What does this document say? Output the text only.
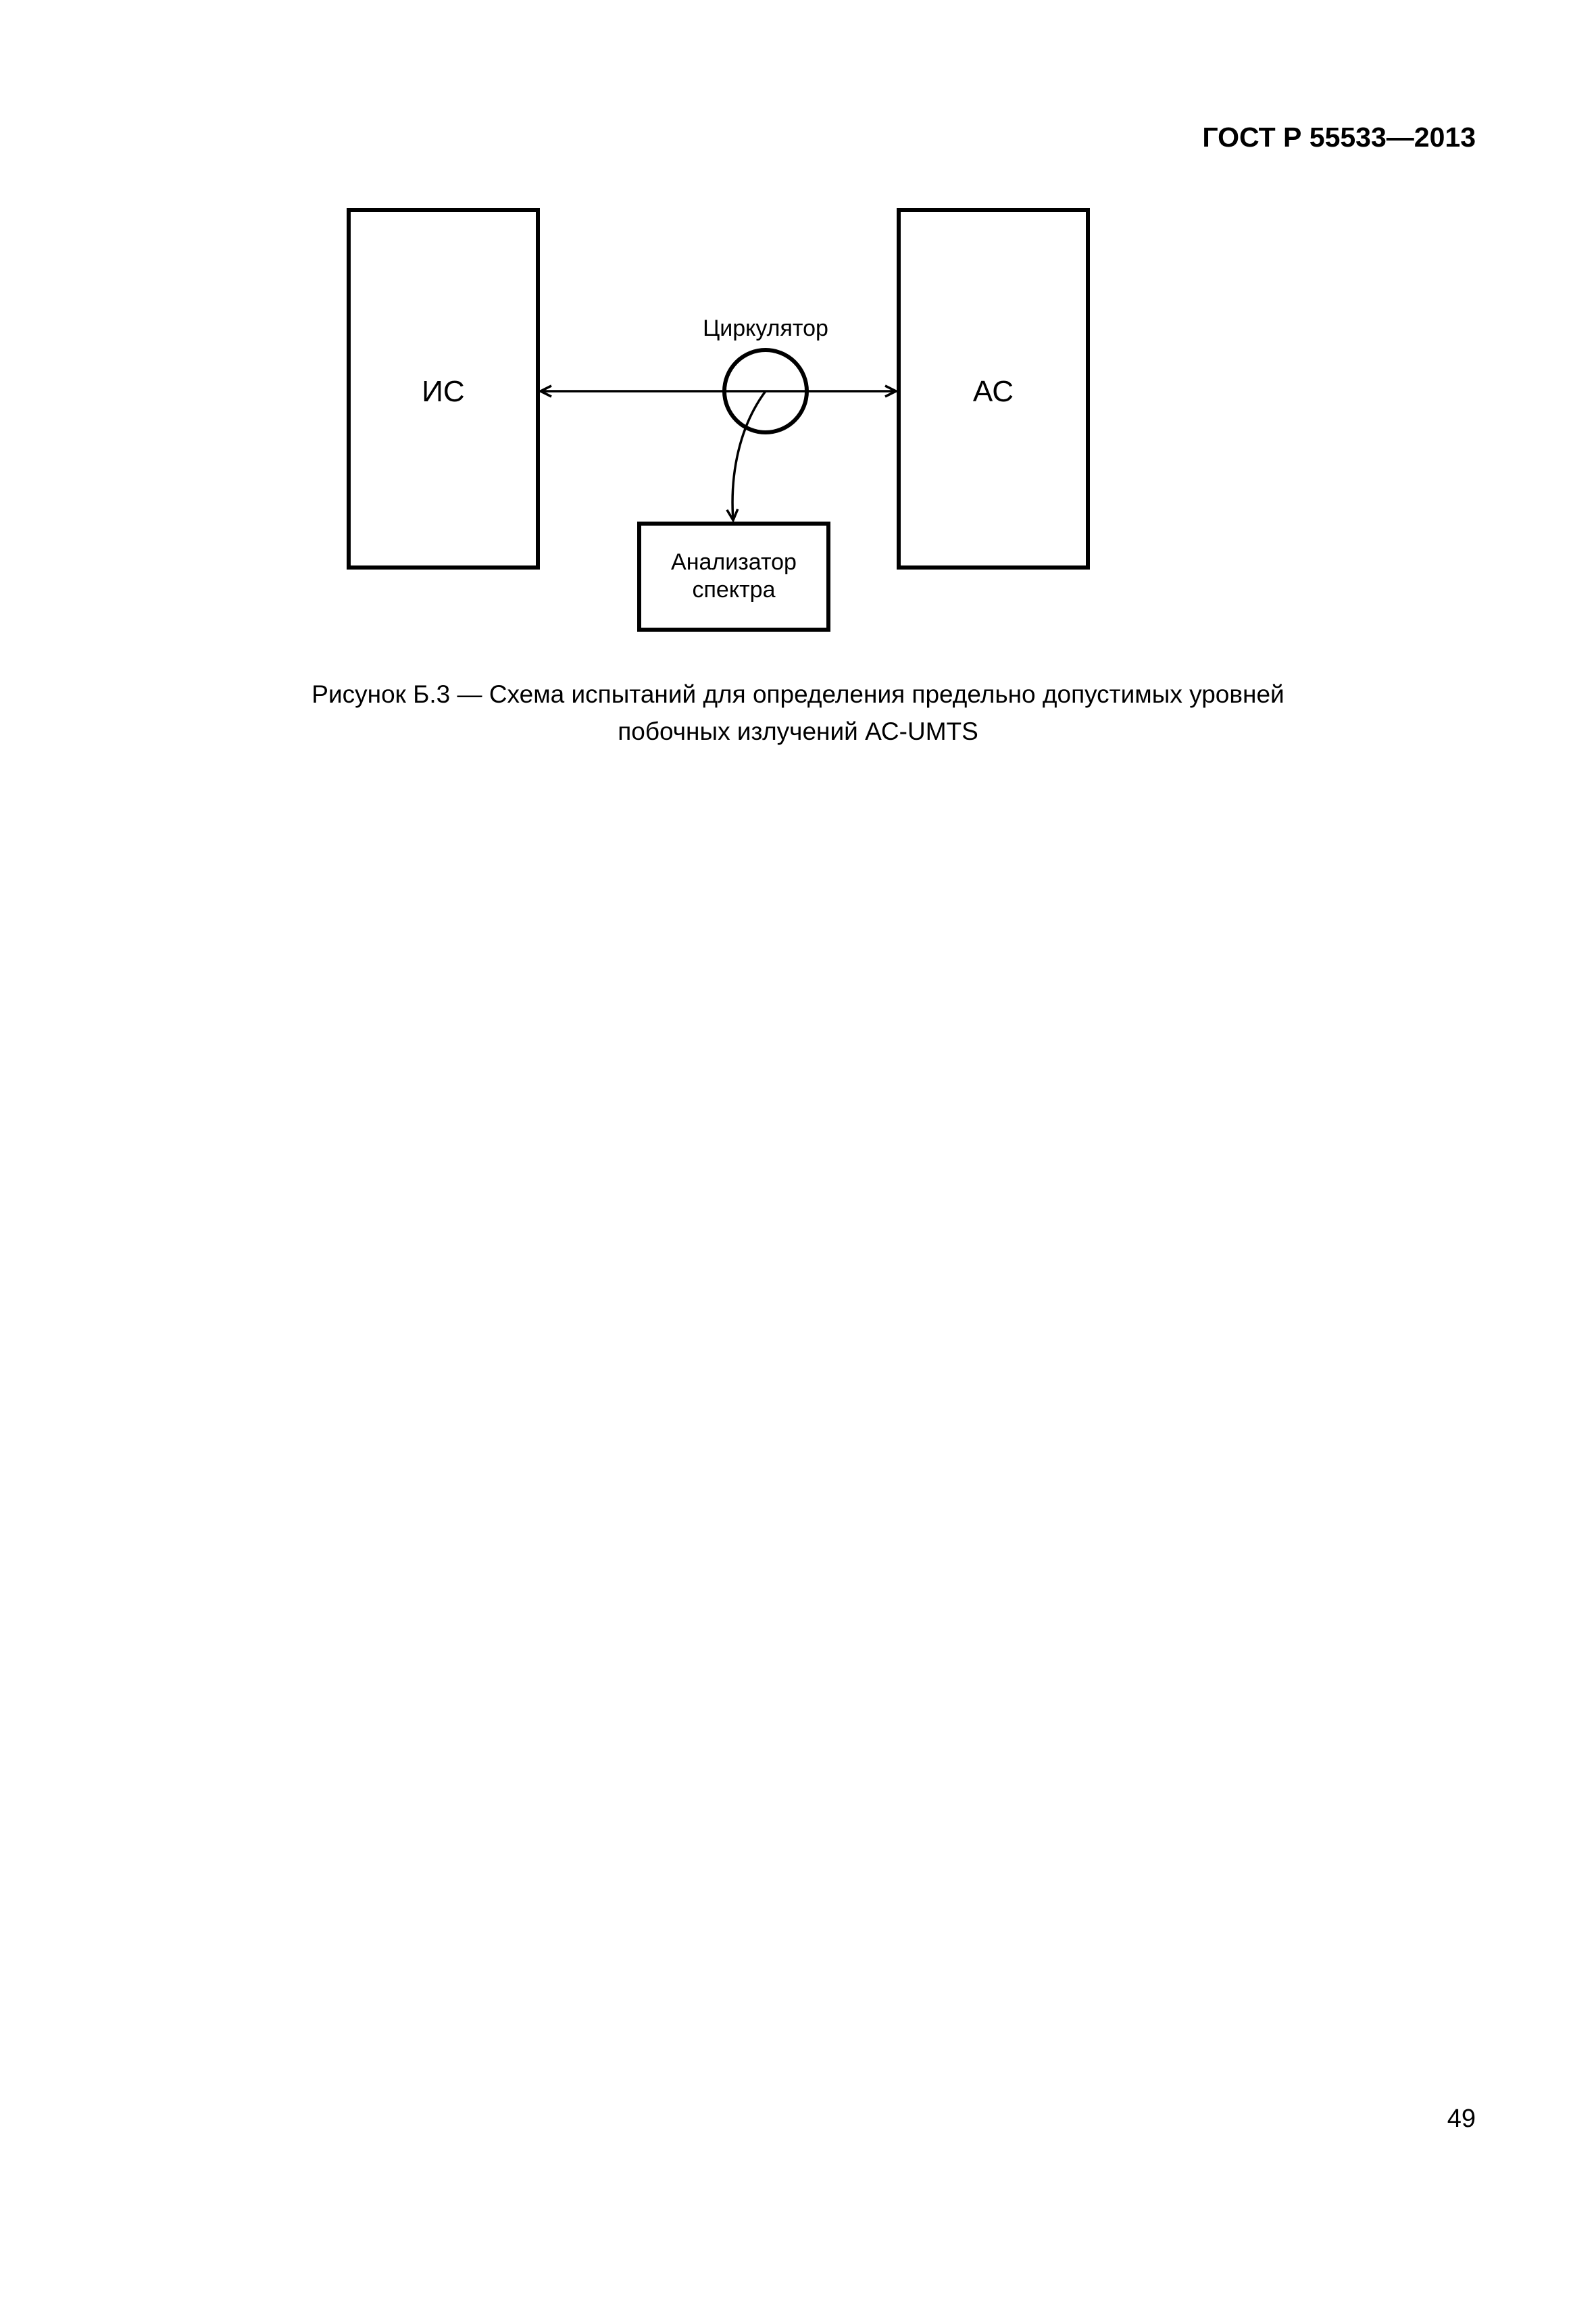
ГОСТ Р 55533—2013
ИС	АС
Циркулятор
Анализатор
спектра
Рисунок Б.3 — Схема испытаний для определения предельно допустимых уровней
побочных излучений АС-UMTS
49
